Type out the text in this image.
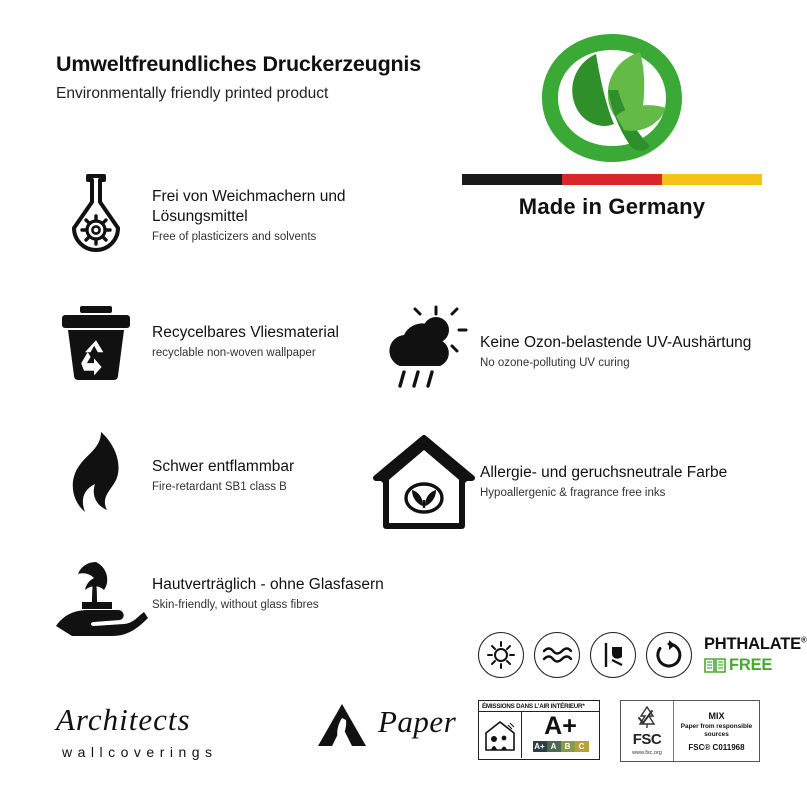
Umweltfreundliches Druckerzeugnis
Environmentally friendly printed product
Made in Germany
Frei von Weichmachern und Lösungsmittel
Free of plasticizers and solvents
Recycelbares Vliesmaterial
recyclable non-woven wallpaper
Schwer entflammbar
Fire-retardant SB1 class B
Hautverträglich - ohne Glasfasern
Skin-friendly, without glass fibres
Keine Ozon-belastende UV-Aushärtung
No ozone-polluting UV curing
Allergie- und geruchsneutrale Farbe
Hypoallergenic & fragrance free inks
PHTHALATE®
FREE
Architects
wallcoverings
Paper	ÉMISSIONS DANS L'AIR INTÉRIEUR*
A+
A+ A	B	C	FSC
www.fsc.org
MIX
Paper from responsible sources
FSC® C011968
